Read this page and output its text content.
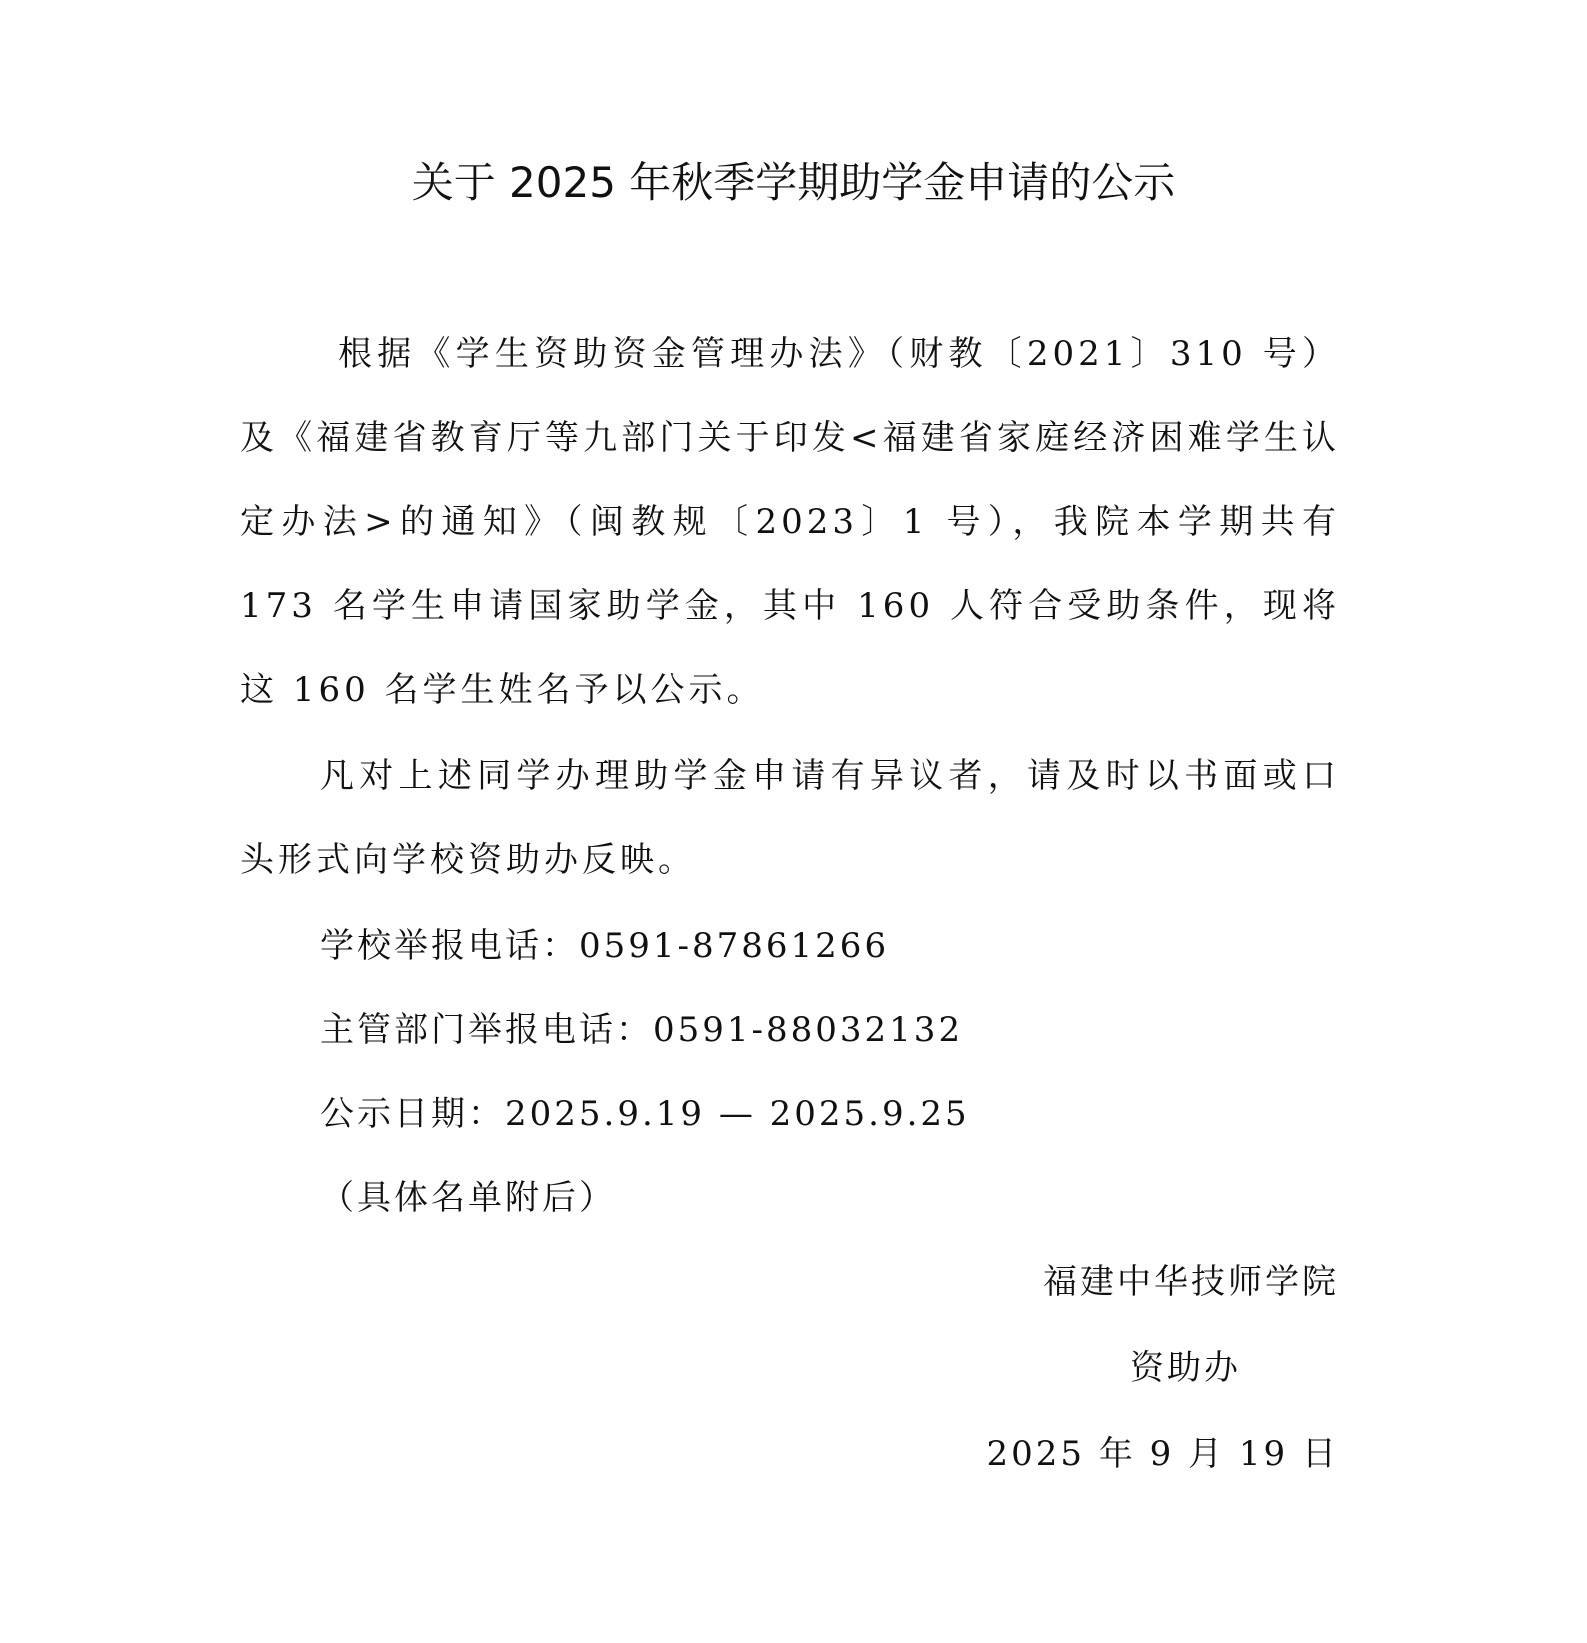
关于 2025 年秋季学期助学金申请的公示
根据《学生资助资金管理办法》（财教〔2021〕310 号）及《福建省教育厅等九部门关于印发<福建省家庭经济困难学生认定办法>的通知》（闽教规〔2023〕1 号），我院本学期共有 173 名学生申请国家助学金，其中 160 人符合受助条件，现将这 160 名学生姓名予以公示。
凡对上述同学办理助学金申请有异议者，请及时以书面或口头形式向学校资助办反映。
学校举报电话：0591-87861266
主管部门举报电话：0591-88032132
公示日期：2025.9.19 — 2025.9.25
（具体名单附后）
福建中华技师学院
资助办
2025 年 9 月 19 日
